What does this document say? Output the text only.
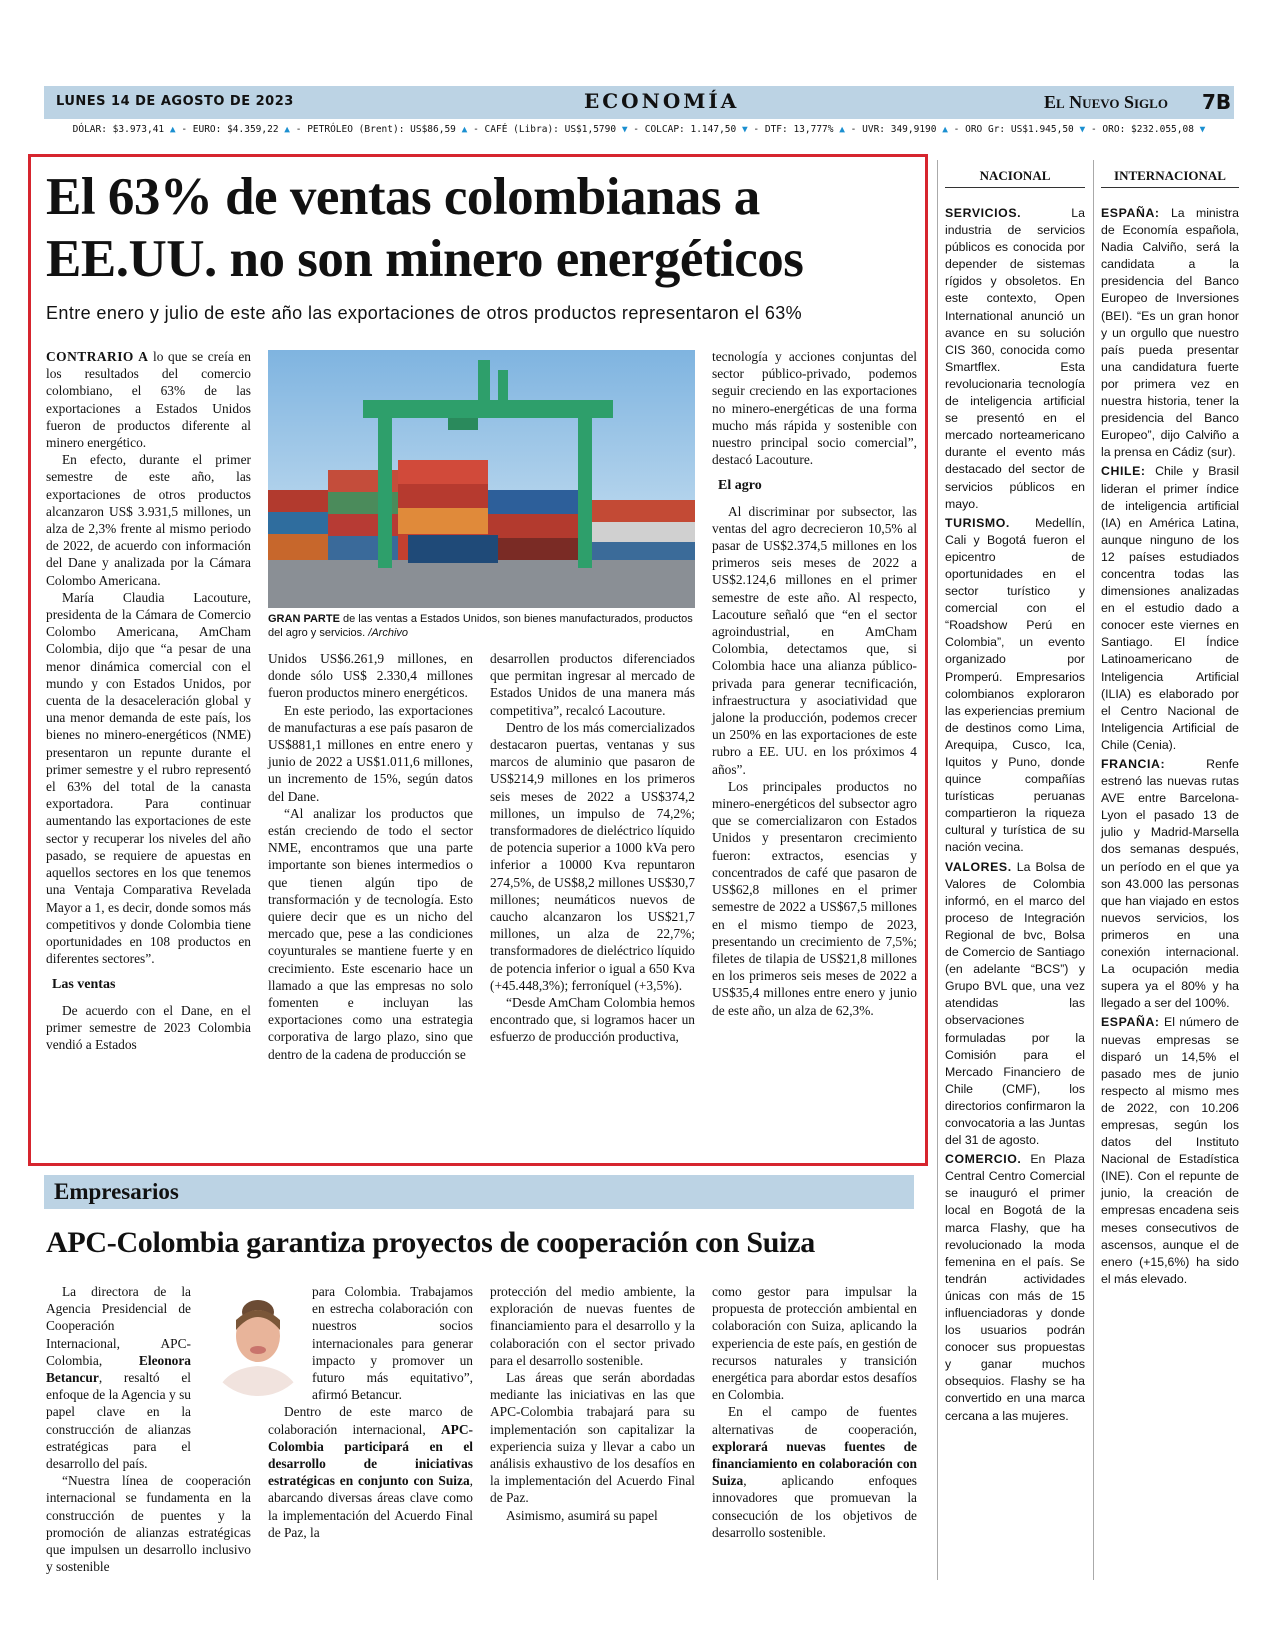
LUNES 14 DE AGOSTO DE 2023	ECONOMÍA	El Nuevo Siglo 7B
DÓLAR: $3.973,41 ▲ - EURO: $4.359,22 ▲ - PETRÓLEO (Brent): US$86,59 ▲ - CAFÉ (Libra): US$1,5790 ▼ - COLCAP: 1.147,50 ▼ - DTF: 13,777% ▲ - UVR: 349,9190 ▲ - ORO Gr: US$1.945,50 ▼ - ORO: $232.055,08 ▼
El 63% de ventas colombianas a
EE.UU. no son minero energéticos
Entre enero y julio de este año las exportaciones de otros productos representaron el 63%

CONTRARIO A lo que se creía en los resultados del comercio colombiano, el 63% de las exportaciones a Estados Unidos fueron de productos diferente al minero energético.

En efecto, durante el primer semestre de este año, las exportaciones de otros productos alcanzaron US$ 3.931,5 millones, un alza de 2,3% frente al mismo periodo de 2022, de acuerdo con información del Dane y analizada por la Cámara Colombo Americana.

María Claudia Lacouture, presidenta de la Cámara de Comercio Colombo Americana, AmCham Colombia, dijo que “a pesar de una menor dinámica comercial con el mundo y con Estados Unidos, por cuenta de la desaceleración global y una menor demanda de este país, los bienes no minero-energéticos (NME) presentaron un repunte durante el primer semestre y el rubro representó el 63% del total de la canasta exportadora. Para continuar aumentando las exportaciones de este sector y recuperar los niveles del año pasado, se requiere de apuestas en aquellos sectores en los que tenemos una Ventaja Comparativa Revelada Mayor a 1, es decir, donde somos más competitivos y donde Colombia tiene oportunidades en 108 productos en diferentes sectores”.

Las ventas

De acuerdo con el Dane, en el primer semestre de 2023 Colombia vendió a Estados

GRAN PARTE de las ventas a Estados Unidos, son bienes manufacturados, productos del agro y servicios. /Archivo

Unidos US$6.261,9 millones, en donde sólo US$ 2.330,4 millones fueron productos minero energéticos.

En este periodo, las exportaciones de manufacturas a ese país pasaron de US$881,1 millones en entre enero y junio de 2022 a US$1.011,6 millones, un incremento de 15%, según datos del Dane.

“Al analizar los productos que están creciendo de todo el sector NME, encontramos que una parte importante son bienes intermedios o que tienen algún tipo de transformación y de tecnología. Esto quiere decir que es un nicho del mercado que, pese a las condiciones coyunturales se mantiene fuerte y en crecimiento. Este escenario hace un llamado a que las empresas no solo fomenten e incluyan las exportaciones como una estrategia corporativa de largo plazo, sino que dentro de la cadena de producción se

desarrollen productos diferenciados que permitan ingresar al mercado de Estados Unidos de una manera más competitiva”, recalcó Lacouture.

Dentro de los más comercializados destacaron puertas, ventanas y sus marcos de aluminio que pasaron de US$214,9 millones en los primeros seis meses de 2022 a US$374,2 millones, un impulso de 74,2%; transformadores de dieléctrico líquido de potencia superior a 1000 kVa pero inferior a 10000 Kva repuntaron 274,5%, de US$8,2 millones US$30,7 millones; neumáticos nuevos de caucho alcanzaron los US$21,7 millones, un alza de 22,7%; transformadores de dieléctrico líquido de potencia inferior o igual a 650 Kva (+45.448,3%); ferroníquel (+3,5%).

“Desde AmCham Colombia hemos encontrado que, si logramos hacer un esfuerzo de producción productiva,

tecnología y acciones conjuntas del sector público-privado, podemos seguir creciendo en las exportaciones no minero-energéticas de una forma mucho más rápida y sostenible con nuestro principal socio comercial”, destacó Lacouture.

El agro

Al discriminar por subsector, las ventas del agro decrecieron 10,5% al pasar de US$2.374,5 millones en los primeros seis meses de 2022 a US$2.124,6 millones en el primer semestre de este año. Al respecto, Lacouture señaló que “en el sector agroindustrial, en AmCham Colombia, detectamos que, si Colombia hace una alianza público-privada para generar tecnificación, infraestructura y asociatividad que jalone la producción, podemos crecer un 250% en las exportaciones de este rubro a EE. UU. en los próximos 4 años”.

Los principales productos no minero-energéticos del subsector agro que se comercializaron con Estados Unidos y presentaron crecimiento fueron: extractos, esencias y concentrados de café que pasaron de US$62,8 millones en el primer semestre de 2022 a US$67,5 millones en el mismo tiempo de 2023, presentando un crecimiento de 7,5%; filetes de tilapia de US$21,8 millones en los primeros seis meses de 2022 a US$35,4 millones entre enero y junio de este año, un alza de 62,3%.

Empresarios
APC-Colombia garantiza proyectos de cooperación con Suiza

La directora de la Agencia Presidencial de Cooperación Internacional, APC-Colombia, Eleonora Betancur, resaltó el enfoque de la Agencia y su papel clave en la construcción de alianzas estratégicas para el desarrollo del país.

“Nuestra línea de cooperación internacional se fundamenta en la construcción de puentes y la promoción de alianzas estratégicas que impulsen un desarrollo inclusivo y sostenible

para Colombia. Trabajamos en estrecha colaboración con nuestros socios internacionales para generar impacto y promover un futuro más equitativo”, afirmó Betancur.

Dentro de este marco de colaboración internacional, APC-Colombia participará en el desarrollo de iniciativas estratégicas en conjunto con Suiza, abarcando diversas áreas clave como la implementación del Acuerdo Final de Paz, la

protección del medio ambiente, la exploración de nuevas fuentes de financiamiento para el desarrollo y la colaboración con el sector privado para el desarrollo sostenible.

Las áreas que serán abordadas mediante las iniciativas en las que APC-Colombia trabajará para su implementación son capitalizar la experiencia suiza y llevar a cabo un análisis exhaustivo de los desafíos en la implementación del Acuerdo Final de Paz.

Asimismo, asumirá su papel

como gestor para impulsar la propuesta de protección ambiental en colaboración con Suiza, aplicando la experiencia de este país, en gestión de recursos naturales y transición energética para abordar estos desafíos en Colombia.

En el campo de fuentes alternativas de cooperación, explorará nuevas fuentes de financiamiento en colaboración con Suiza, aplicando enfoques innovadores que promuevan la consecución de los objetivos de desarrollo sostenible.

NACIONAL	INTERNACIONAL

SERVICIOS. La industria de servicios públicos es conocida por depender de sistemas rígidos y obsoletos. En este contexto, Open International anunció un avance en su solución CIS 360, conocida como Smartflex. Esta revolucionaria tecnología de inteligencia artificial se presentó en el mercado norteamericano durante el evento más destacado del sector de servicios públicos en mayo.

TURISMO. Medellín, Cali y Bogotá fueron el epicentro de oportunidades en el sector turístico y comercial con el “Roadshow Perú en Colombia”, un evento organizado por Promperú. Empresarios colombianos exploraron las experiencias premium de destinos como Lima, Arequipa, Cusco, Ica, Iquitos y Puno, donde quince compañías turísticas peruanas compartieron la riqueza cultural y turística de su nación vecina.

VALORES. La Bolsa de Valores de Colombia informó, en el marco del proceso de Integración Regional de bvc, Bolsa de Comercio de Santiago (en adelante “BCS”) y Grupo BVL que, una vez atendidas las observaciones formuladas por la Comisión para el Mercado Financiero de Chile (CMF), los directorios confirmaron la convocatoria a las Juntas del 31 de agosto.

COMERCIO. En Plaza Central Centro Comercial se inauguró el primer local en Bogotá de la marca Flashy, que ha revolucionado la moda femenina en el país. Se tendrán actividades únicas con más de 15 influenciadoras y donde los usuarios podrán conocer sus propuestas y ganar muchos obsequios. Flashy se ha convertido en una marca cercana a las mujeres.

ESPAÑA: La ministra de Economía española, Nadia Calviño, será la candidata a la presidencia del Banco Europeo de Inversiones (BEI). “Es un gran honor y un orgullo que nuestro país pueda presentar una candidatura fuerte por primera vez en nuestra historia, tener la presidencia del Banco Europeo”, dijo Calviño a la prensa en Cádiz (sur).

CHILE: Chile y Brasil lideran el primer índice de inteligencia artificial (IA) en América Latina, aunque ninguno de los 12 países estudiados concentra todas las dimensiones analizadas en el estudio dado a conocer este viernes en Santiago. El Índice Latinoamericano de Inteligencia Artificial (ILIA) es elaborado por el Centro Nacional de Inteligencia Artificial de Chile (Cenia).

FRANCIA: Renfe estrenó las nuevas rutas AVE entre Barcelona-Lyon el pasado 13 de julio y Madrid-Marsella dos semanas después, un período en el que ya son 43.000 las personas que han viajado en estos nuevos servicios, los primeros en una conexión internacional. La ocupación media supera ya el 80% y ha llegado a ser del 100%.

ESPAÑA: El número de nuevas empresas se disparó un 14,5% el pasado mes de junio respecto al mismo mes de 2022, con 10.206 empresas, según los datos del Instituto Nacional de Estadística (INE). Con el repunte de junio, la creación de empresas encadena seis meses consecutivos de ascensos, aunque el de enero (+15,6%) ha sido el más elevado.
